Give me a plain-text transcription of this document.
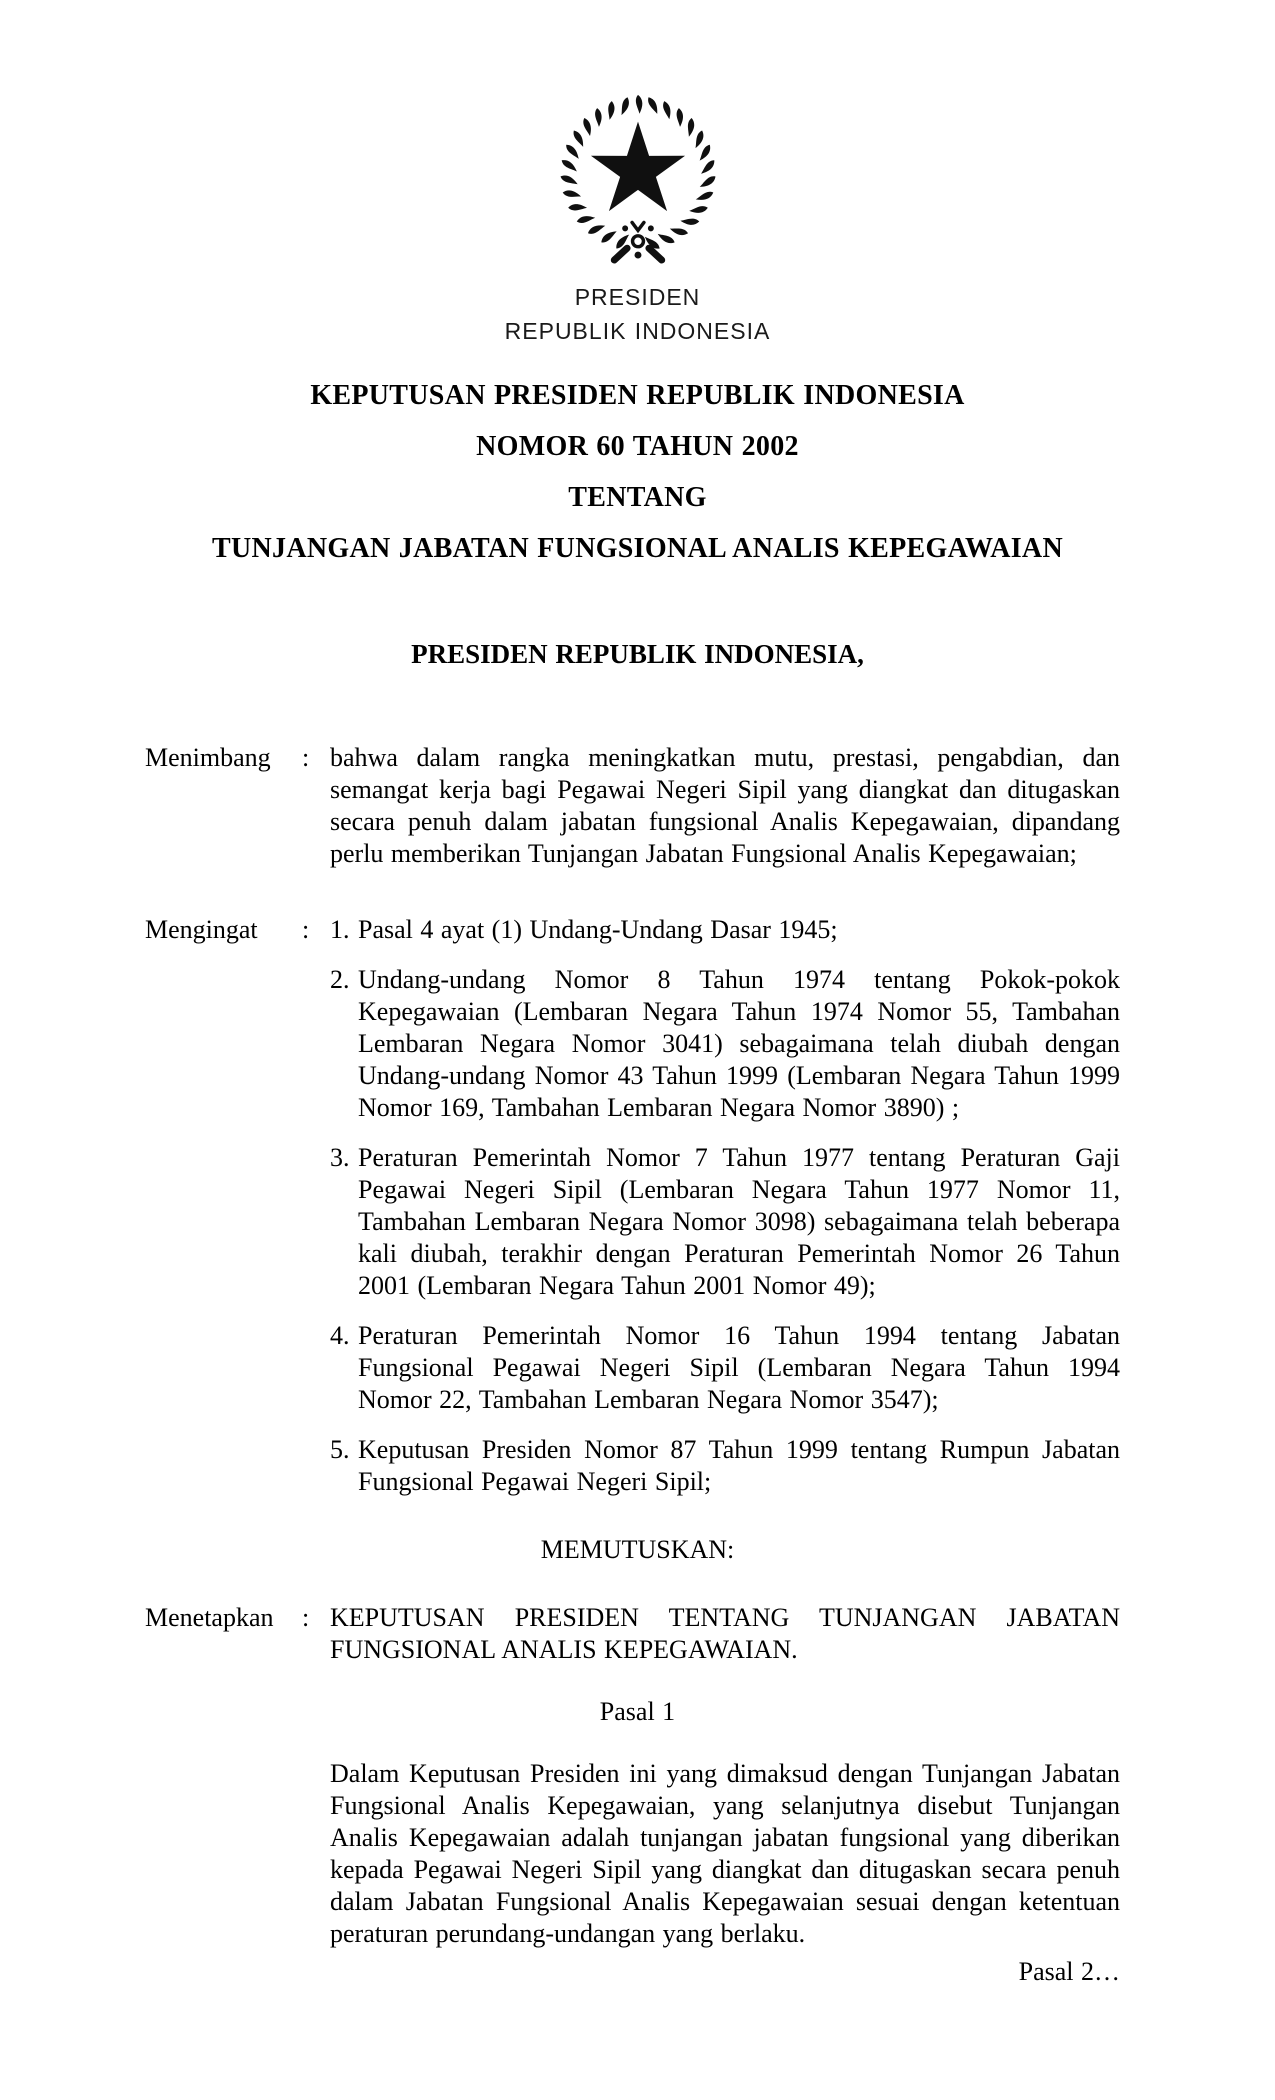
PRESIDEN
REPUBLIK INDONESIA
KEPUTUSAN PRESIDEN REPUBLIK INDONESIA
NOMOR 60 TAHUN 2002
TENTANG
TUNJANGAN JABATAN FUNGSIONAL ANALIS KEPEGAWAIAN
PRESIDEN REPUBLIK INDONESIA,
Menimbang	: bahwa dalam rangka meningkatkan mutu, prestasi, pengabdian, dan semangat kerja bagi Pegawai Negeri Sipil yang diangkat dan ditugaskan secara penuh dalam jabatan fungsional Analis Kepegawaian, dipandang perlu memberikan Tunjangan Jabatan Fungsional Analis Kepegawaian;
Mengingat	: 1. Pasal 4 ayat (1) Undang-Undang Dasar 1945;
2. Undang-undang Nomor 8 Tahun 1974 tentang Pokok-pokok Kepegawaian (Lembaran Negara Tahun 1974 Nomor 55, Tambahan Lembaran Negara Nomor 3041) sebagaimana telah diubah dengan Undang-undang Nomor 43 Tahun 1999 (Lembaran Negara Tahun 1999 Nomor 169, Tambahan Lembaran Negara Nomor 3890) ;
3. Peraturan Pemerintah Nomor 7 Tahun 1977 tentang Peraturan Gaji Pegawai Negeri Sipil (Lembaran Negara Tahun 1977 Nomor 11, Tambahan Lembaran Negara Nomor 3098) sebagaimana telah beberapa kali diubah, terakhir dengan Peraturan Pemerintah Nomor 26 Tahun 2001 (Lembaran Negara Tahun 2001 Nomor 49);
4. Peraturan Pemerintah Nomor 16 Tahun 1994 tentang Jabatan Fungsional Pegawai Negeri Sipil (Lembaran Negara Tahun 1994 Nomor 22, Tambahan Lembaran Negara Nomor 3547);
5. Keputusan Presiden Nomor 87 Tahun 1999 tentang Rumpun Jabatan Fungsional Pegawai Negeri Sipil;
MEMUTUSKAN:
Menetapkan	: KEPUTUSAN PRESIDEN TENTANG TUNJANGAN JABATAN FUNGSIONAL ANALIS KEPEGAWAIAN.
Pasal 1
Dalam Keputusan Presiden ini yang dimaksud dengan Tunjangan Jabatan Fungsional Analis Kepegawaian, yang selanjutnya disebut Tunjangan Analis Kepegawaian adalah tunjangan jabatan fungsional yang diberikan kepada Pegawai Negeri Sipil yang diangkat dan ditugaskan secara penuh dalam Jabatan Fungsional Analis Kepegawaian sesuai dengan ketentuan peraturan perundang-undangan yang berlaku.
Pasal 2…
